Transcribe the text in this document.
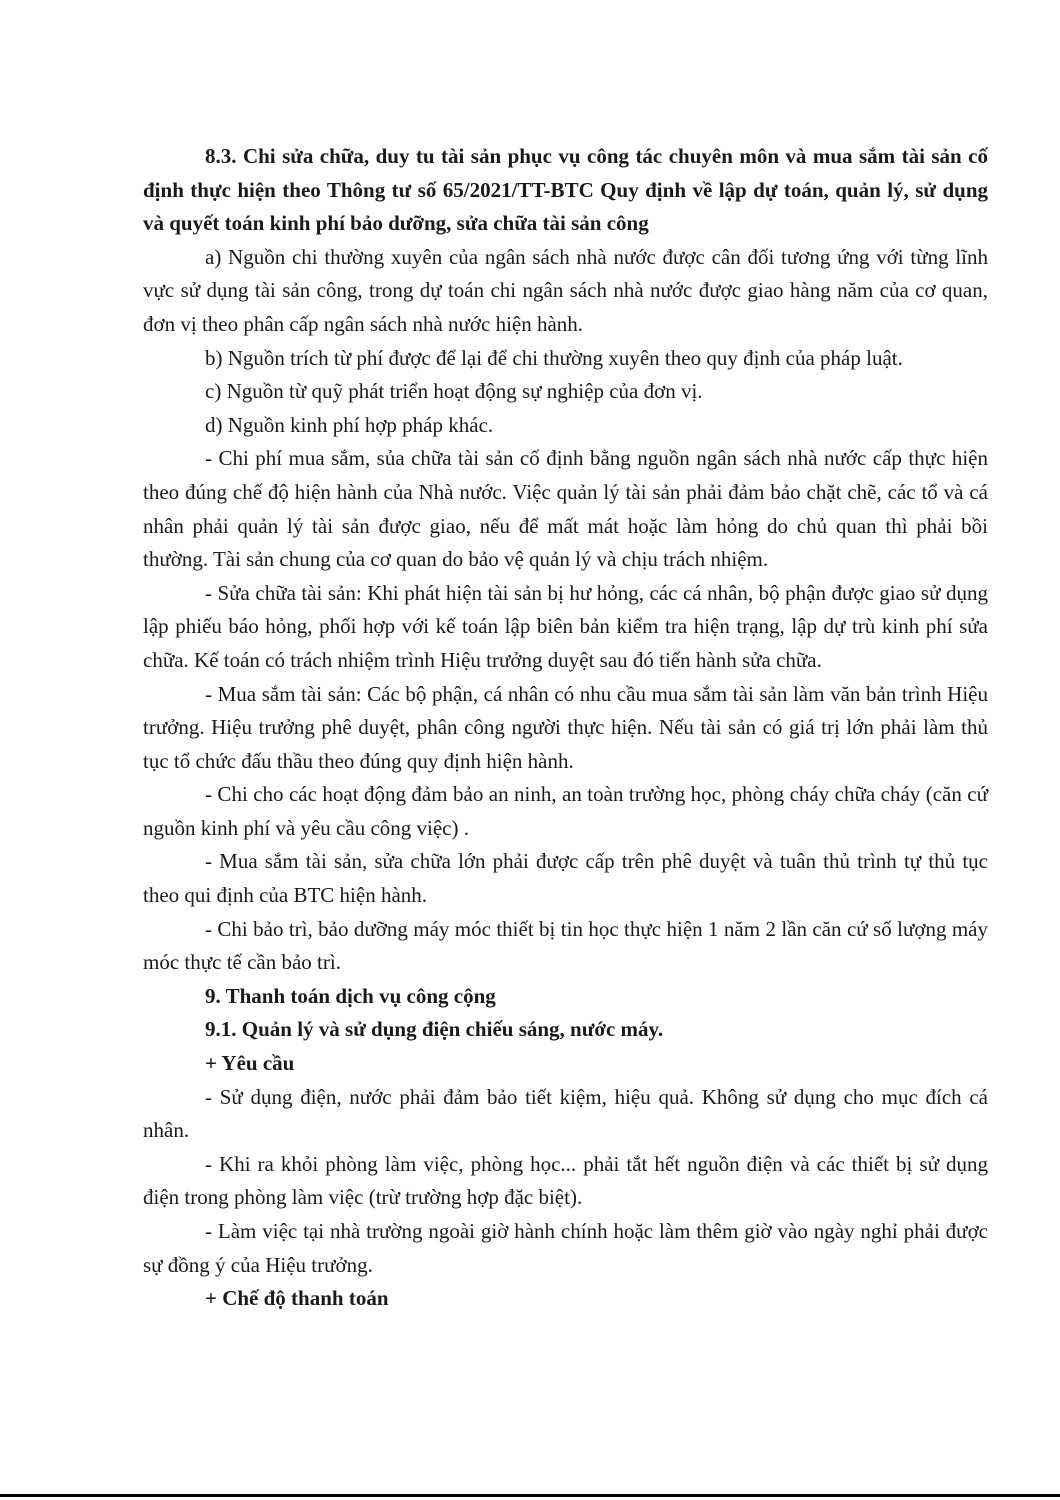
8.3. Chi sửa chữa, duy tu tài sản phục vụ công tác chuyên môn và mua sắm tài sản cố định thực hiện theo Thông tư số 65/2021/TT-BTC Quy định về lập dự toán, quản lý, sử dụng và quyết toán kinh phí bảo dưỡng, sửa chữa tài sản công

a) Nguồn chi thường xuyên của ngân sách nhà nước được cân đối tương ứng với từng lĩnh vực sử dụng tài sản công, trong dự toán chi ngân sách nhà nước được giao hàng năm của cơ quan, đơn vị theo phân cấp ngân sách nhà nước hiện hành.

b) Nguồn trích từ phí được để lại để chi thường xuyên theo quy định của pháp luật.

c) Nguồn từ quỹ phát triển hoạt động sự nghiệp của đơn vị.

d) Nguồn kinh phí hợp pháp khác.

- Chi phí mua sắm, sủa chữa tài sản cố định bằng nguồn ngân sách nhà nước cấp thực hiện theo đúng chế độ hiện hành của Nhà nước. Việc quản lý tài sản phải đảm bảo chặt chẽ, các tổ và cá nhân phải quản lý tài sản được giao, nếu để mất mát hoặc làm hỏng do chủ quan thì phải bồi thường. Tài sản chung của cơ quan do bảo vệ quản lý và chịu trách nhiệm.

- Sửa chữa tài sản: Khi phát hiện tài sản bị hư hỏng, các cá nhân, bộ phận được giao sử dụng lập phiếu báo hỏng, phối hợp với kế toán lập biên bản kiểm tra hiện trạng, lập dự trù kinh phí sửa chữa. Kế toán có trách nhiệm trình Hiệu trưởng duyệt sau đó tiến hành sửa chữa.

- Mua sắm tài sản: Các bộ phận, cá nhân có nhu cầu mua sắm tài sản làm văn bản trình Hiệu trưởng. Hiệu trưởng phê duyệt, phân công người thực hiện. Nếu tài sản có giá trị lớn phải làm thủ tục tổ chức đấu thầu theo đúng quy định hiện hành.

- Chi cho các hoạt động đảm bảo an ninh, an toàn trường học, phòng cháy chữa cháy (căn cứ nguồn kinh phí và yêu cầu công việc) .

- Mua sắm tài sản, sửa chữa lớn phải được cấp trên phê duyệt và tuân thủ trình tự thủ tục theo qui định của BTC hiện hành.

- Chi bảo trì, bảo dưỡng máy móc thiết bị tin học thực hiện 1 năm 2 lần căn cứ số lượng máy móc thực tế cần bảo trì.

9. Thanh toán dịch vụ công cộng

9.1. Quản lý và sử dụng điện chiếu sáng, nước máy.

+ Yêu cầu

- Sử dụng điện, nước phải đảm bảo tiết kiệm, hiệu quả. Không sử dụng cho mục đích cá nhân.

- Khi ra khỏi phòng làm việc, phòng học... phải tắt hết nguồn điện và các thiết bị sử dụng điện trong phòng làm việc (trừ trường hợp đặc biệt).

- Làm việc tại nhà trường ngoài giờ hành chính hoặc làm thêm giờ vào ngày nghỉ phải được sự đồng ý của Hiệu trưởng.

+ Chế độ thanh toán
